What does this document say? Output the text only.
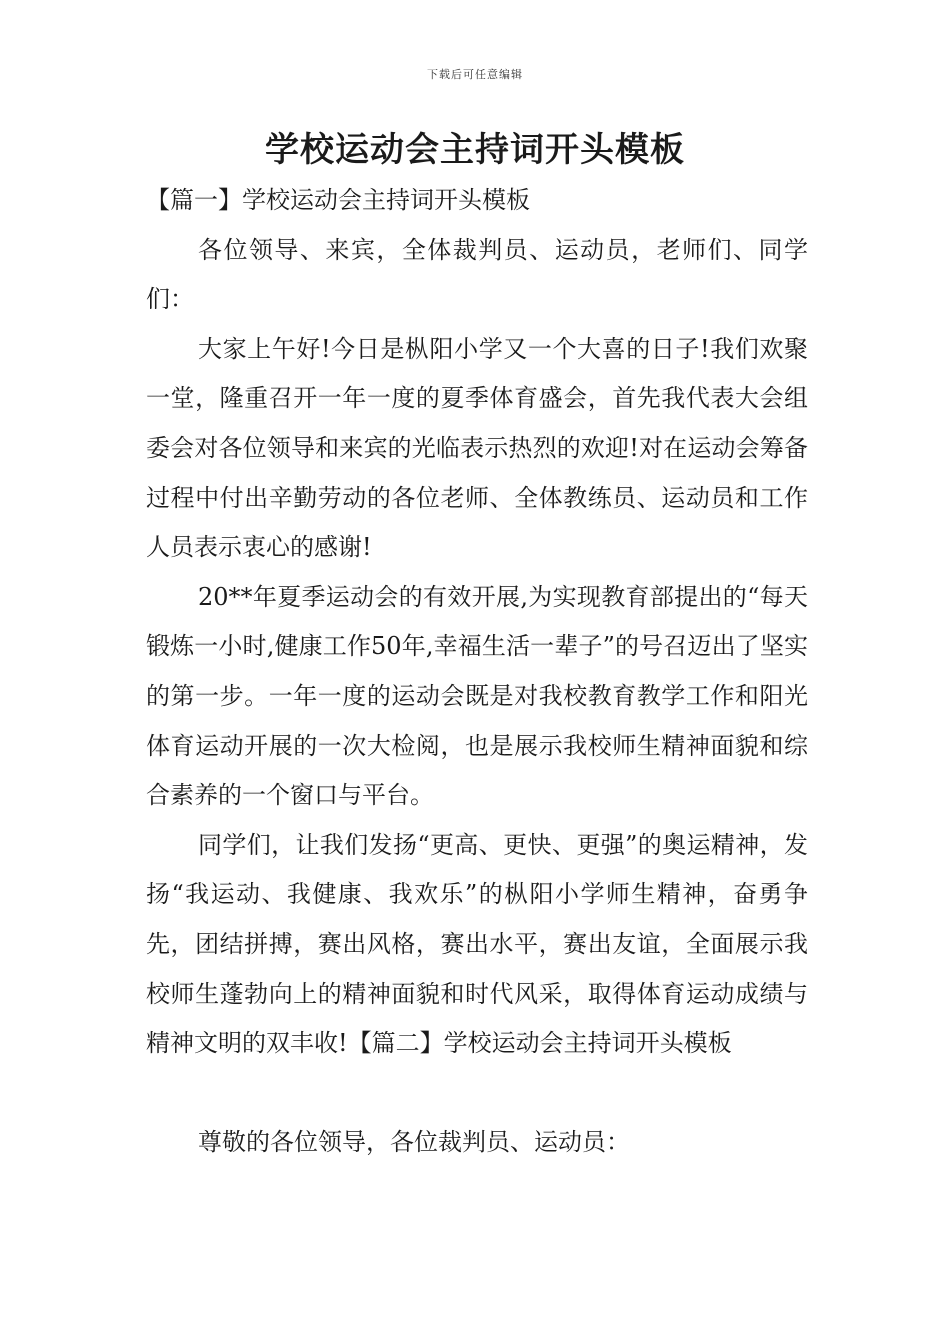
下载后可任意编辑
学校运动会主持词开头模板

【篇一】学校运动会主持词开头模板

各位领导、来宾，全体裁判员、运动员，老师们、同学们：

大家上午好!今日是枞阳小学又一个大喜的日子!我们欢聚一堂，隆重召开一年一度的夏季体育盛会，首先我代表大会组委会对各位领导和来宾的光临表示热烈的欢迎!对在运动会筹备过程中付出辛勤劳动的各位老师、全体教练员、运动员和工作人员表示衷心的感谢!

20**年夏季运动会的有效开展,为实现教育部提出的“每天锻炼一小时,健康工作50年,幸福生活一辈子”的号召迈出了坚实的第一步。一年一度的运动会既是对我校教育教学工作和阳光体育运动开展的一次大检阅，也是展示我校师生精神面貌和综合素养的一个窗口与平台。

同学们，让我们发扬“更高、更快、更强”的奥运精神，发扬“我运动、我健康、我欢乐”的枞阳小学师生精神，奋勇争先，团结拼搏，赛出风格，赛出水平，赛出友谊，全面展示我校师生蓬勃向上的精神面貌和时代风采，取得体育运动成绩与精神文明的双丰收!【篇二】学校运动会主持词开头模板

尊敬的各位领导，各位裁判员、运动员：
